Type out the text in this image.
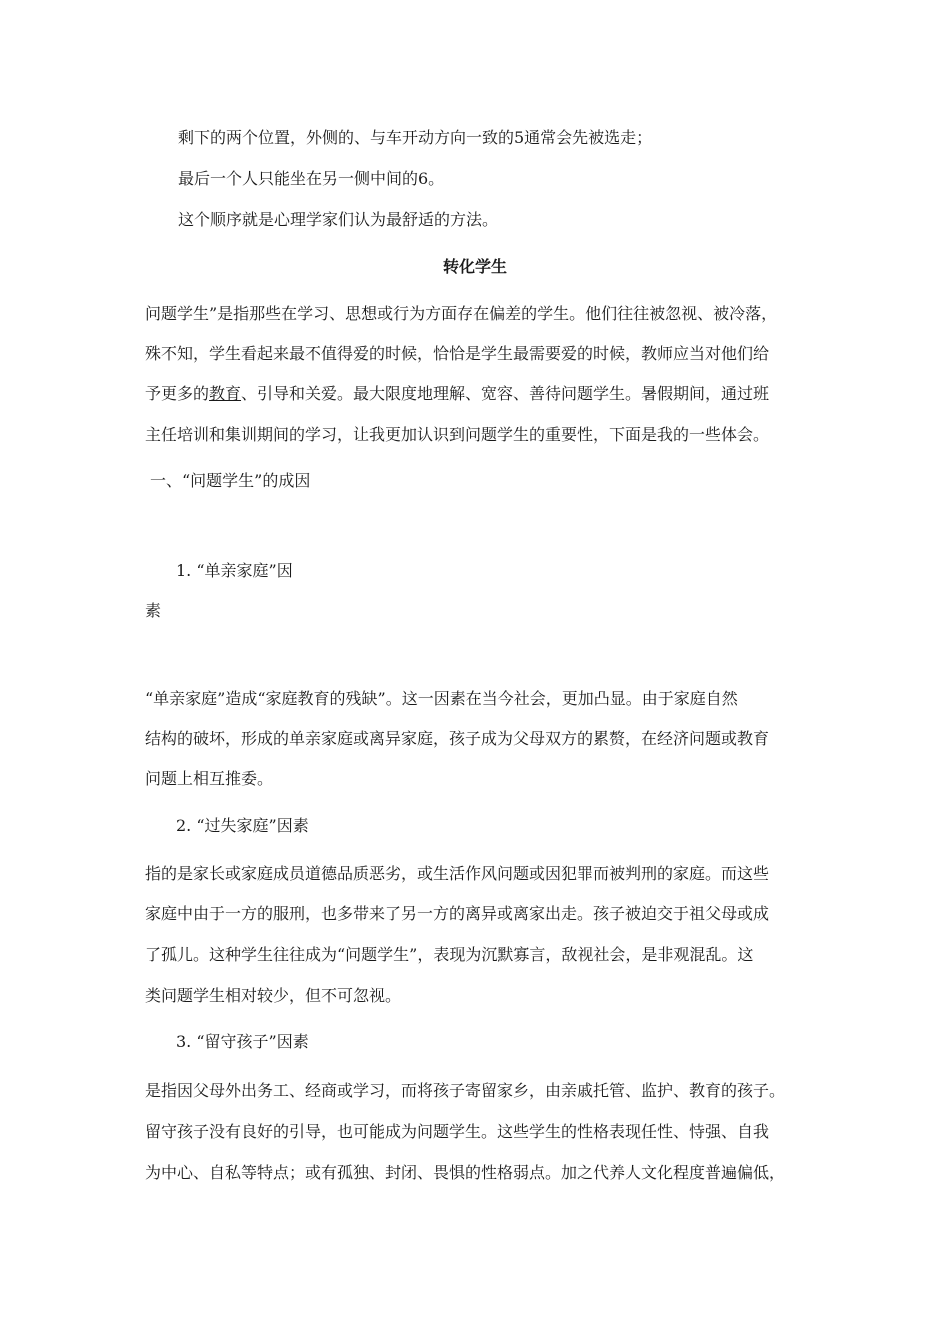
剩下的两个位置，外侧的、与车开动方向一致的5通常会先被选走；
最后一个人只能坐在另一侧中间的6。
这个顺序就是心理学家们认为最舒适的方法。
转化学生
问题学生”是指那些在学习、思想或行为方面存在偏差的学生。他们往往被忽视、被冷落，
殊不知，学生看起来最不值得爱的时候，恰恰是学生最需要爱的时候，教师应当对他们给
予更多的教育、引导和关爱。最大限度地理解、宽容、善待问题学生。暑假期间，通过班
主任培训和集训期间的学习，让我更加认识到问题学生的重要性，下面是我的一些体会。
一、“问题学生”的成因
1. “单亲家庭”因
素
“单亲家庭”造成“家庭教育的残缺”。这一因素在当今社会，更加凸显。由于家庭自然
结构的破坏，形成的单亲家庭或离异家庭，孩子成为父母双方的累赘，在经济问题或教育
问题上相互推委。
2. “过失家庭”因素
指的是家长或家庭成员道德品质恶劣，或生活作风问题或因犯罪而被判刑的家庭。而这些
家庭中由于一方的服刑，也多带来了另一方的离异或离家出走。孩子被迫交于祖父母或成
了孤儿。这种学生往往成为“问题学生”，表现为沉默寡言，敌视社会，是非观混乱。这
类问题学生相对较少，但不可忽视。
3. “留守孩子”因素
是指因父母外出务工、经商或学习，而将孩子寄留家乡，由亲戚托管、监护、教育的孩子。
留守孩子没有良好的引导，也可能成为问题学生。这些学生的性格表现任性、恃强、自我
为中心、自私等特点；或有孤独、封闭、畏惧的性格弱点。加之代养人文化程度普遍偏低，
